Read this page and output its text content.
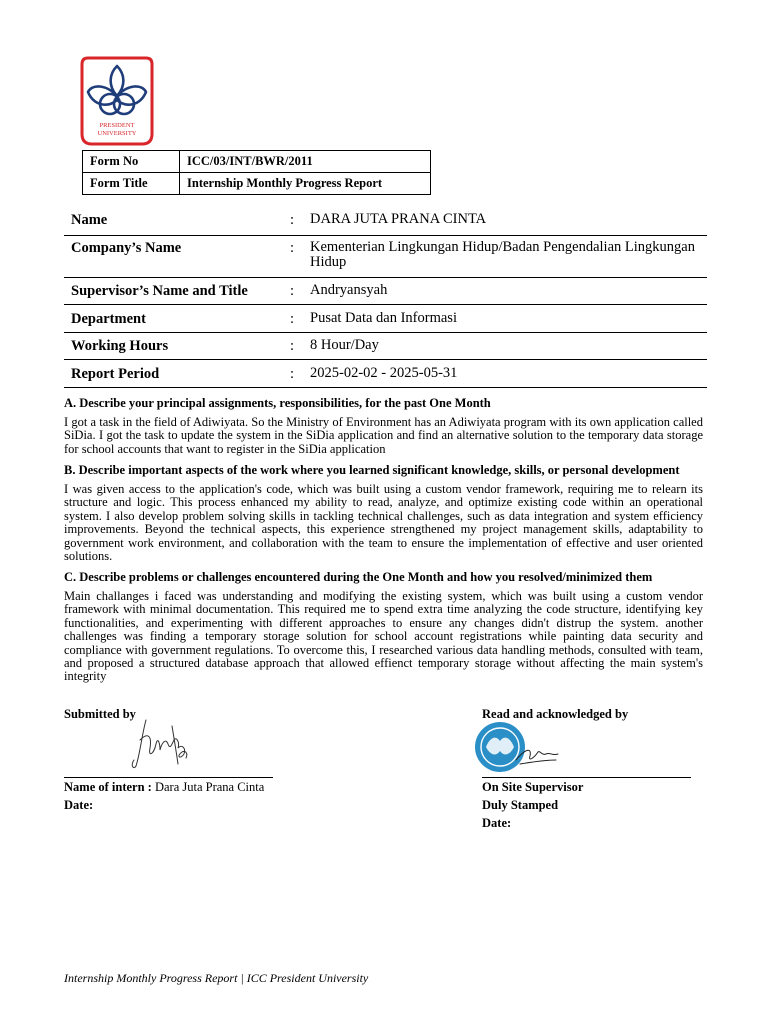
PRESIDENT
UNIVERSITY
Form No	ICC/03/INT/BWR/2011
Form Title	Internship Monthly Progress Report
Name	: DARA JUTA PRANA CINTA
Company’s Name	: Kementerian Lingkungan Hidup/Badan Pengendalian Lingkungan Hidup
Supervisor’s Name and Title	: Andryansyah
Department	: Pusat Data dan Informasi
Working Hours	: 8 Hour/Day
Report Period	: 2025-02-02 - 2025-05-31
A. Describe your principal assignments, responsibilities, for the past One Month

I got a task in the field of Adiwiyata. So the Ministry of Environment has an Adiwiyata program with its own application called SiDia. I got the task to update the system in the SiDia application and find an alternative solution to the temporary data storage for school accounts that want to register in the SiDia application

B. Describe important aspects of the work where you learned significant knowledge, skills, or personal development

I was given access to the application's code, which was built using a custom vendor framework, requiring me to relearn its structure and logic. This process enhanced my ability to read, analyze, and optimize existing code within an operational system. I also develop problem solving skills in tackling technical challenges, such as data integration and system efficiency improvements. Beyond the technical aspects, this experience strengthened my project management skills, adaptability to government work environment, and collaboration with the team to ensure the implementation of effective and user oriented solutions.

C. Describe problems or challenges encountered during the One Month and how you resolved/minimized them

Main challanges i faced was understanding and modifying the existing system, which was built using a custom vendor framework with minimal documentation. This required me to spend extra time analyzing the code structure, identifying key functionalities, and experimenting with different approaches to ensure any changes didn't distrup the system. another challenges was finding a temporary storage solution for school account registrations while painting data security and compliance with government regulations. To overcome this, I researched various data handling methods, consulted with team, and proposed a structured database approach that allowed effienct temporary storage without affecting the main system's integrity

Submitted by
Name of intern : Dara Juta Prana Cinta
Date:
Read and acknowledged by
On Site Supervisor
Duly Stamped
Date:
Internship Monthly Progress Report | ICC President University
